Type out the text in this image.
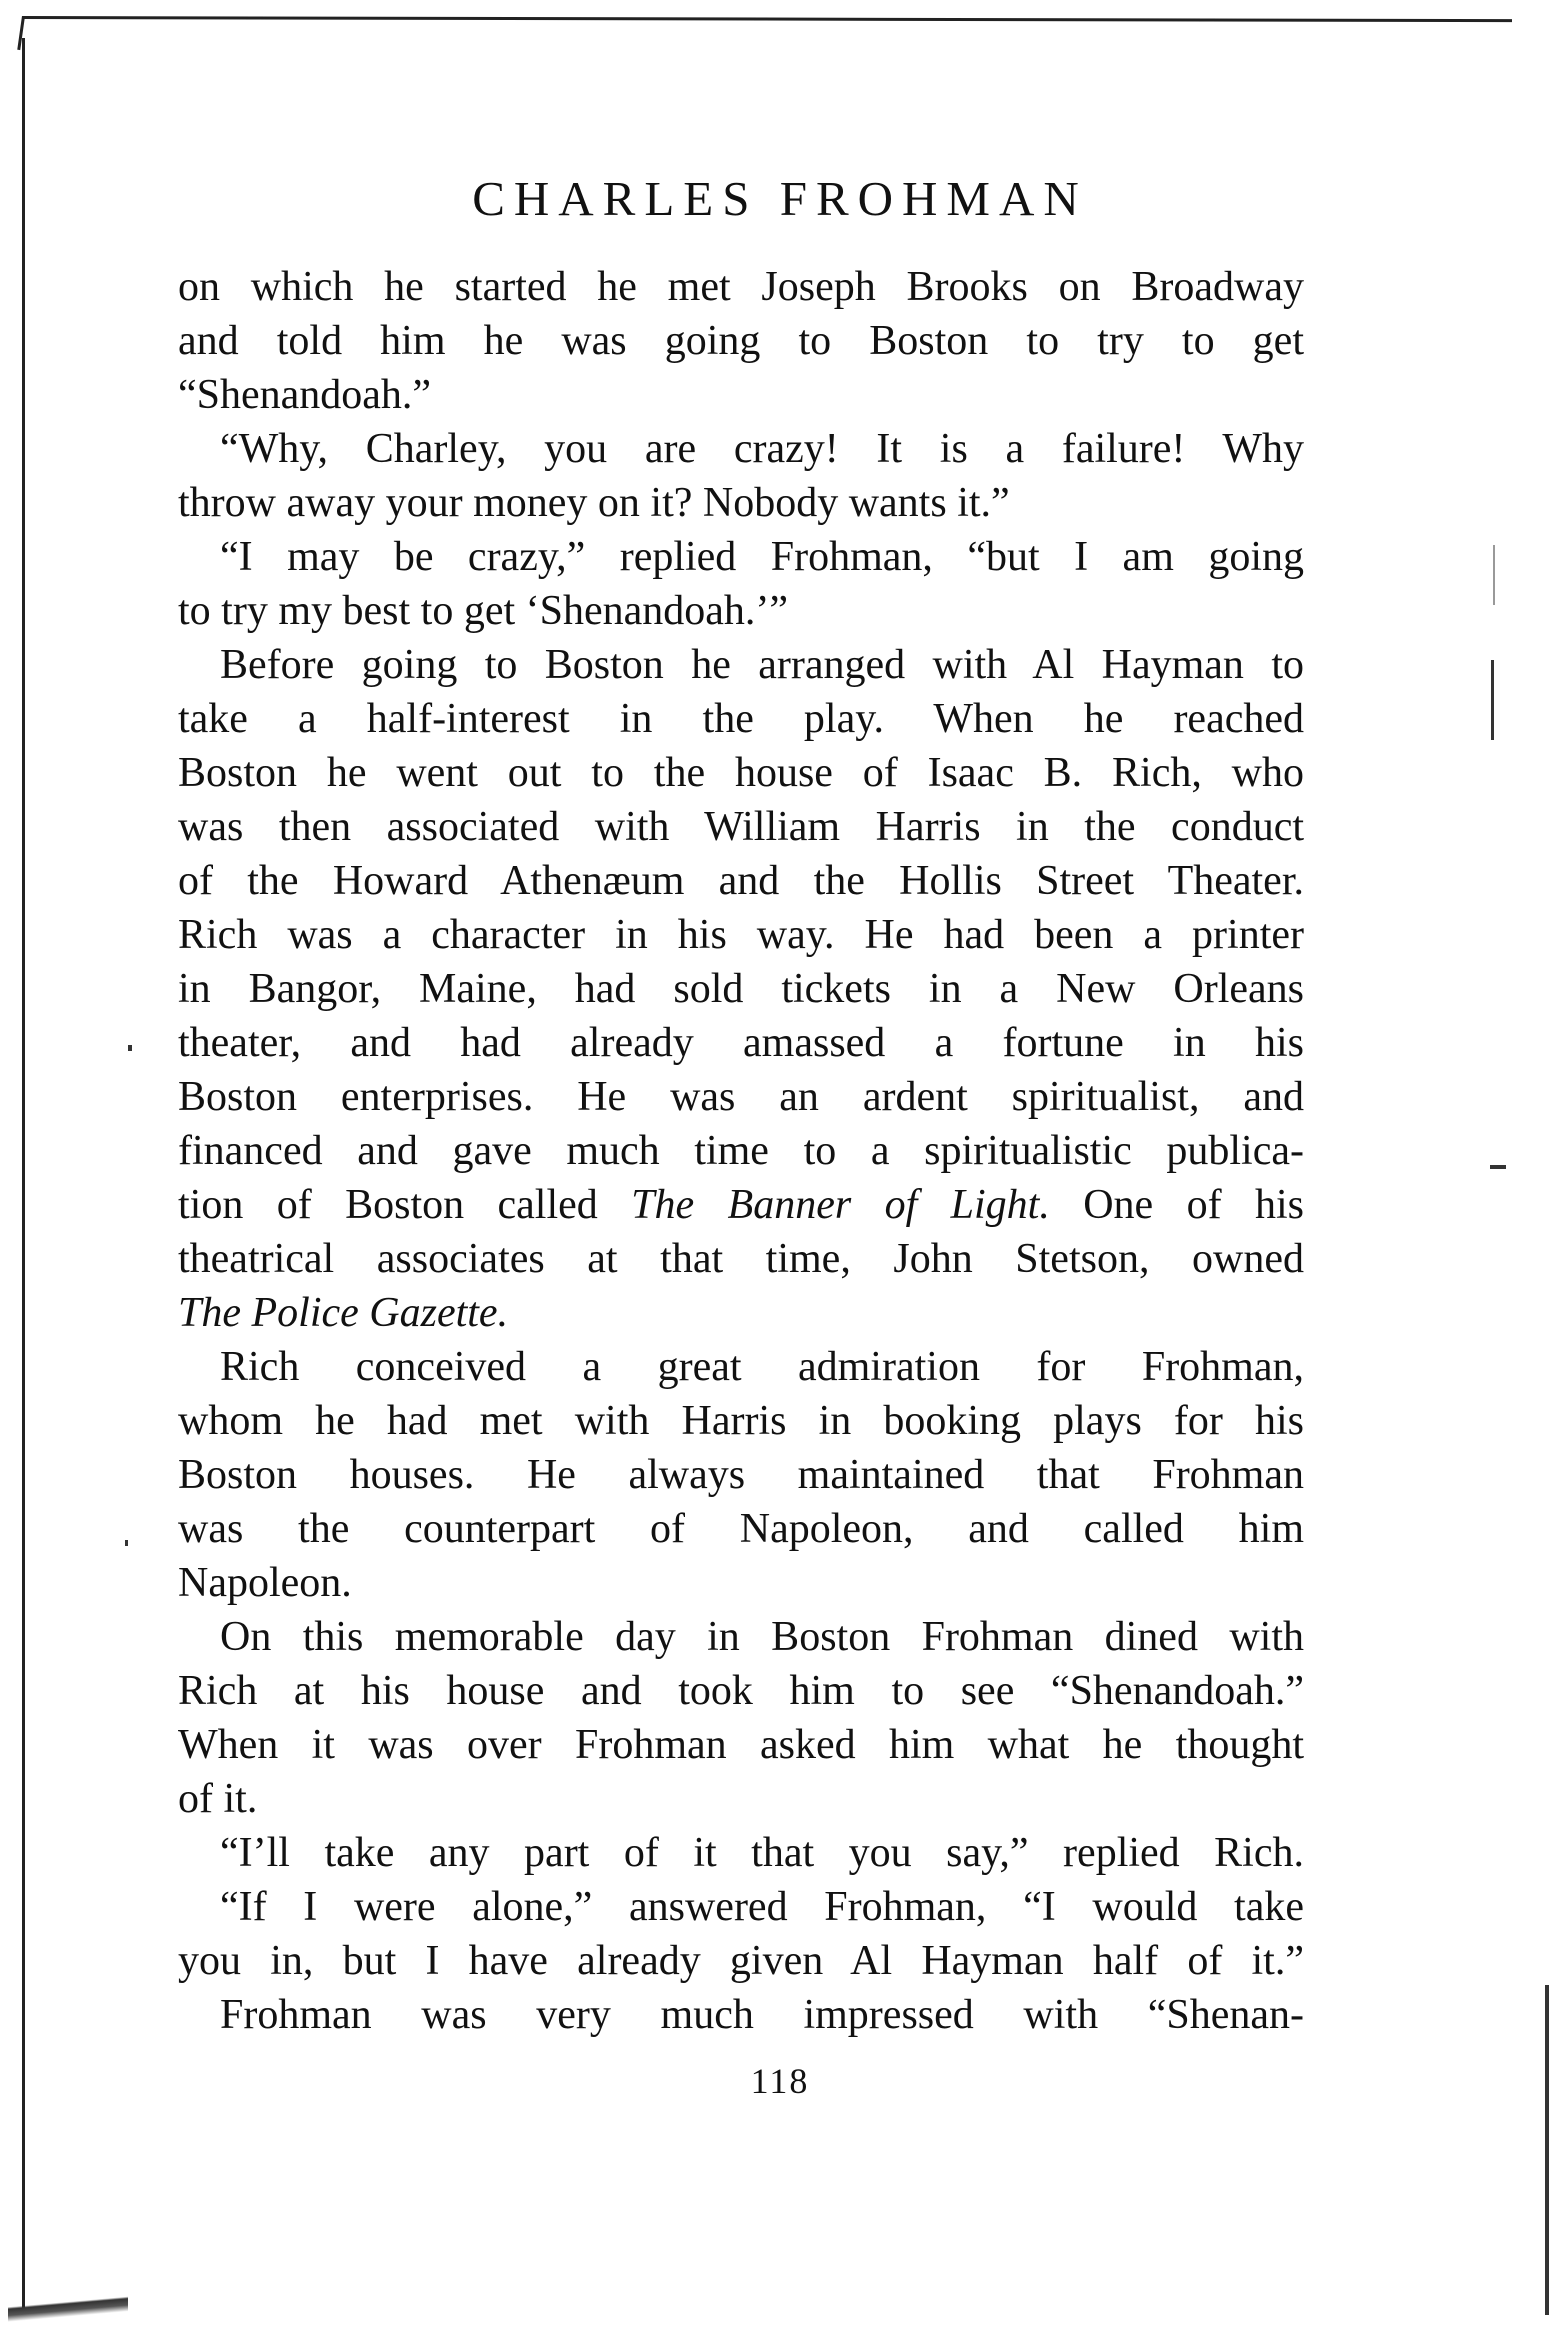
CHARLES FROHMAN
on which he started he met Joseph Brooks on Broadway
and told him he was going to Boston to try to get
“Shenandoah.”
“Why, Charley, you are crazy! It is a failure! Why
throw away your money on it? Nobody wants it.”
“I may be crazy,” replied Frohman, “but I am going
to try my best to get ‘Shenandoah.’”
Before going to Boston he arranged with Al Hayman to
take a half-interest in the play. When he reached
Boston he went out to the house of Isaac B. Rich, who
was then associated with William Harris in the conduct
of the Howard Athenæum and the Hollis Street Theater.
Rich was a character in his way. He had been a printer
in Bangor, Maine, had sold tickets in a New Orleans
theater, and had already amassed a fortune in his
Boston enterprises. He was an ardent spiritualist, and
financed and gave much time to a spiritualistic publica-
tion of Boston called The Banner of Light. One of his
theatrical associates at that time, John Stetson, owned
The Police Gazette.
Rich conceived a great admiration for Frohman,
whom he had met with Harris in booking plays for his
Boston houses. He always maintained that Frohman
was the counterpart of Napoleon, and called him
Napoleon.
On this memorable day in Boston Frohman dined with
Rich at his house and took him to see “Shenandoah.”
When it was over Frohman asked him what he thought
of it.
“I’ll take any part of it that you say,” replied Rich.
“If I were alone,” answered Frohman, “I would take
you in, but I have already given Al Hayman half of it.”
Frohman was very much impressed with “Shenan-
118
